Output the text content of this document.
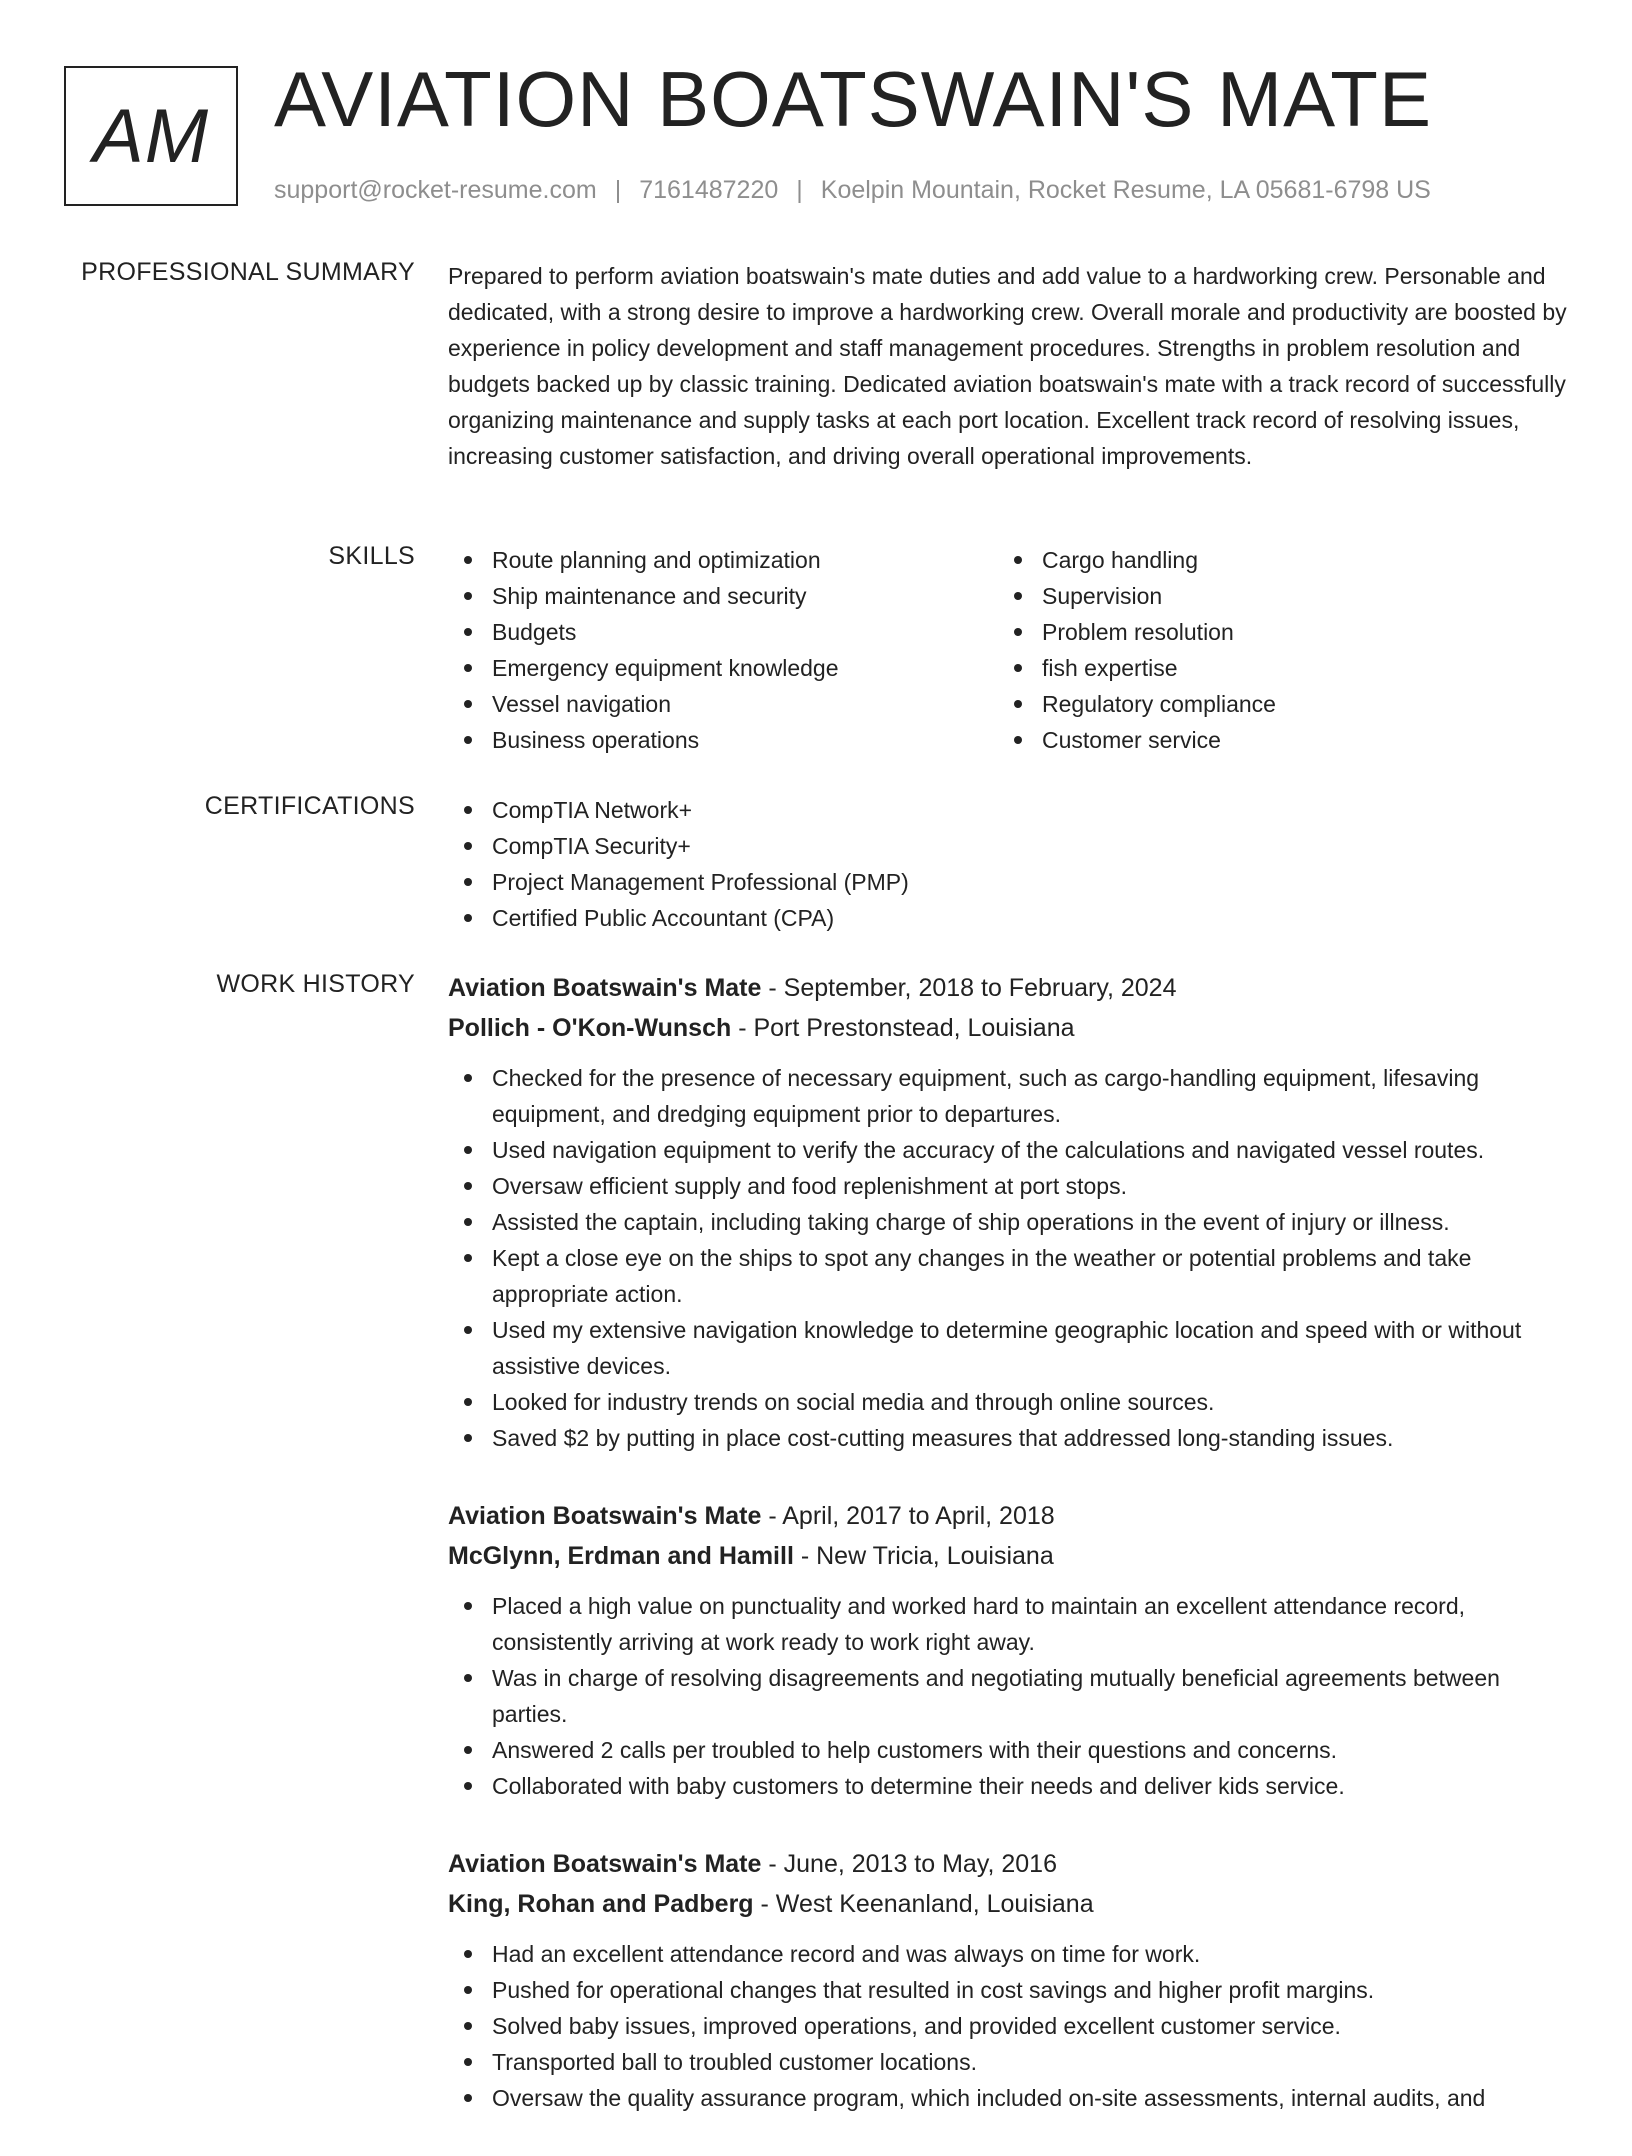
AM AVIATION BOATSWAIN'S MATE
support@rocket-resume.com | 7161487220 | Koelpin Mountain, Rocket Resume, LA 05681-6798 US
PROFESSIONAL SUMMARY Prepared to perform aviation boatswain's mate duties and add value to a hardworking crew. Personable and dedicated, with a strong desire to improve a hardworking crew. Overall morale and productivity are boosted by experience in policy development and staff management procedures. Strengths in problem resolution and budgets backed up by classic training. Dedicated aviation boatswain's mate with a track record of successfully organizing maintenance and supply tasks at each port location. Excellent track record of resolving issues, increasing customer satisfaction, and driving overall operational improvements.

SKILLS	Route planning and optimization
Ship maintenance and security
Budgets
Emergency equipment knowledge
Vessel navigation
Business operations
Cargo handling
Supervision
Problem resolution
fish expertise
Regulatory compliance
Customer service
CERTIFICATIONS	CompTIA Network+
CompTIA Security+
Project Management Professional (PMP)
Certified Public Accountant (CPA)
WORK HISTORY Aviation Boatswain's Mate - September, 2018 to February, 2024
Pollich - O'Kon-Wunsch - Port Prestonstead, Louisiana
Checked for the presence of necessary equipment, such as cargo-handling equipment, lifesaving equipment, and dredging equipment prior to departures.
Used navigation equipment to verify the accuracy of the calculations and navigated vessel routes.
Oversaw efficient supply and food replenishment at port stops.
Assisted the captain, including taking charge of ship operations in the event of injury or illness.
Kept a close eye on the ships to spot any changes in the weather or potential problems and take appropriate action.
Used my extensive navigation knowledge to determine geographic location and speed with or without assistive devices.
Looked for industry trends on social media and through online sources.
Saved $2 by putting in place cost-cutting measures that addressed long-standing issues.
Aviation Boatswain's Mate - April, 2017 to April, 2018
McGlynn, Erdman and Hamill - New Tricia, Louisiana
Placed a high value on punctuality and worked hard to maintain an excellent attendance record, consistently arriving at work ready to work right away.
Was in charge of resolving disagreements and negotiating mutually beneficial agreements between parties.
Answered 2 calls per troubled to help customers with their questions and concerns.
Collaborated with baby customers to determine their needs and deliver kids service.
Aviation Boatswain's Mate - June, 2013 to May, 2016
King, Rohan and Padberg - West Keenanland, Louisiana
Had an excellent attendance record and was always on time for work.
Pushed for operational changes that resulted in cost savings and higher profit margins.
Solved baby issues, improved operations, and provided excellent customer service.
Transported ball to troubled customer locations.
Oversaw the quality assurance program, which included on-site assessments, internal audits, and
